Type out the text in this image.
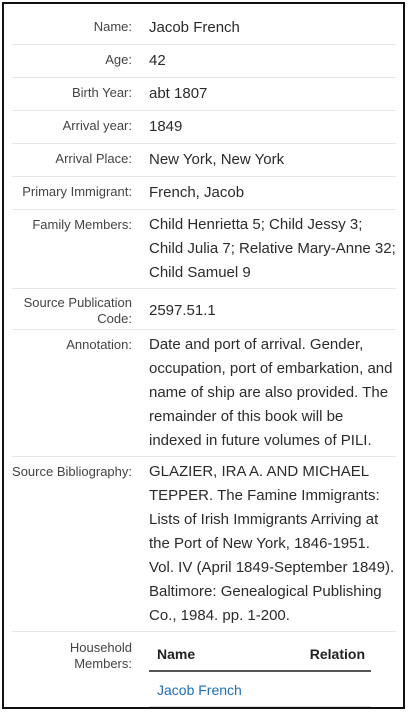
Name:	Jacob French
Age:	42
Birth Year:	abt 1807
Arrival year:	1849
Arrival Place:	New York, New York
Primary Immigrant:	French, Jacob
Family Members:	Child Henrietta 5; Child Jessy 3; Child Julia 7; Relative Mary-Anne 32; Child Samuel 9
Source Publication Code:	2597.51.1
Annotation:	Date and port of arrival. Gender, occupation, port of embarkation, and name of ship are also provided. The remainder of this book will be indexed in future volumes of PILI.
Source Bibliography:	GLAZIER, IRA A. AND MICHAEL TEPPER. The Famine Immigrants: Lists of Irish Immigrants Arriving at the Port of New York, 1846-1951. Vol. IV (April 1849-September 1849). Baltimore: Genealogical Publishing Co., 1984. pp. 1-200.
Household Members:
Name	Relation
Jacob French	
